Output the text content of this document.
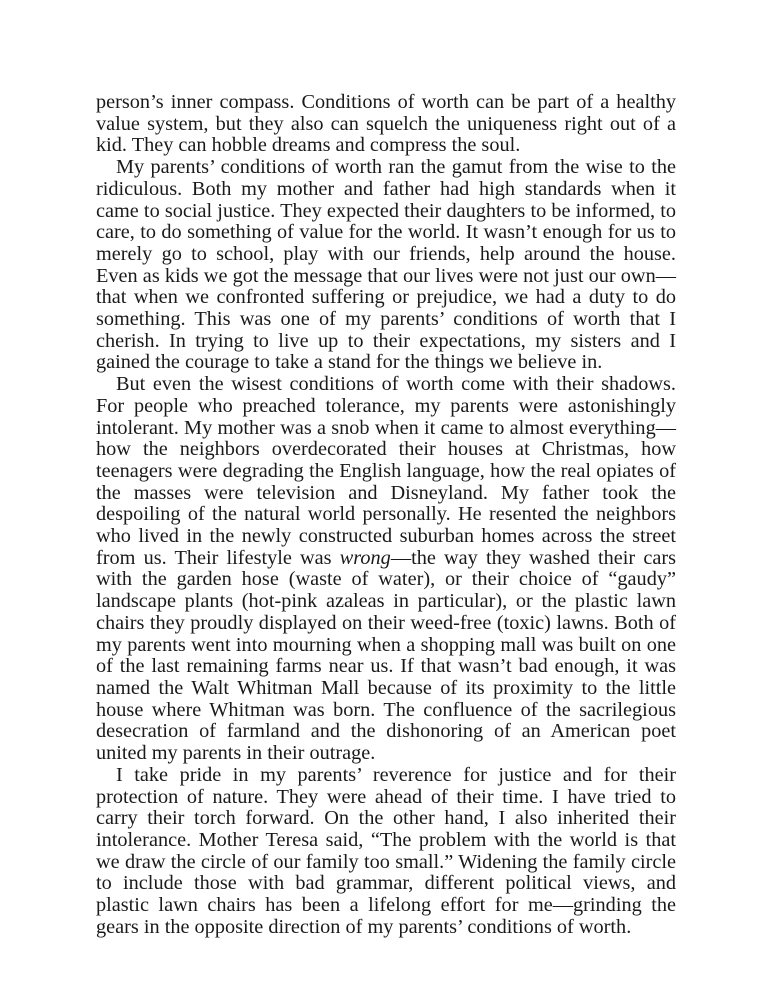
person’s inner compass. Conditions of worth can be part of a healthy value system, but they also can squelch the uniqueness right out of a kid. They can hobble dreams and compress the soul.

My parents’ conditions of worth ran the gamut from the wise to the ridiculous. Both my mother and father had high standards when it came to social justice. They expected their daughters to be informed, to care, to do something of value for the world. It wasn’t enough for us to merely go to school, play with our friends, help around the house. Even as kids we got the message that our lives were not just our own—that when we confronted suffering or prejudice, we had a duty to do something. This was one of my parents’ conditions of worth that I cherish. In trying to live up to their expectations, my sisters and I gained the courage to take a stand for the things we believe in.

But even the wisest conditions of worth come with their shadows. For people who preached tolerance, my parents were astonishingly intolerant. My mother was a snob when it came to almost everything—how the neighbors overdecorated their houses at Christmas, how teenagers were degrading the English language, how the real opiates of the masses were television and Disneyland. My father took the despoiling of the natural world personally. He resented the neighbors who lived in the newly constructed suburban homes across the street from us. Their lifestyle was wrong—the way they washed their cars with the garden hose (waste of water), or their choice of “gaudy” landscape plants (hot-pink azaleas in particular), or the plastic lawn chairs they proudly displayed on their weed-free (toxic) lawns. Both of my parents went into mourning when a shopping mall was built on one of the last remaining farms near us. If that wasn’t bad enough, it was named the Walt Whitman Mall because of its proximity to the little house where Whitman was born. The confluence of the sacrilegious desecration of farmland and the dishonoring of an American poet united my parents in their outrage.

I take pride in my parents’ reverence for justice and for their protection of nature. They were ahead of their time. I have tried to carry their torch forward. On the other hand, I also inherited their intolerance. Mother Teresa said, “The problem with the world is that we draw the circle of our family too small.” Widening the family circle to include those with bad grammar, different political views, and plastic lawn chairs has been a lifelong effort for me—grinding the gears in the opposite direction of my parents’ conditions of worth.
